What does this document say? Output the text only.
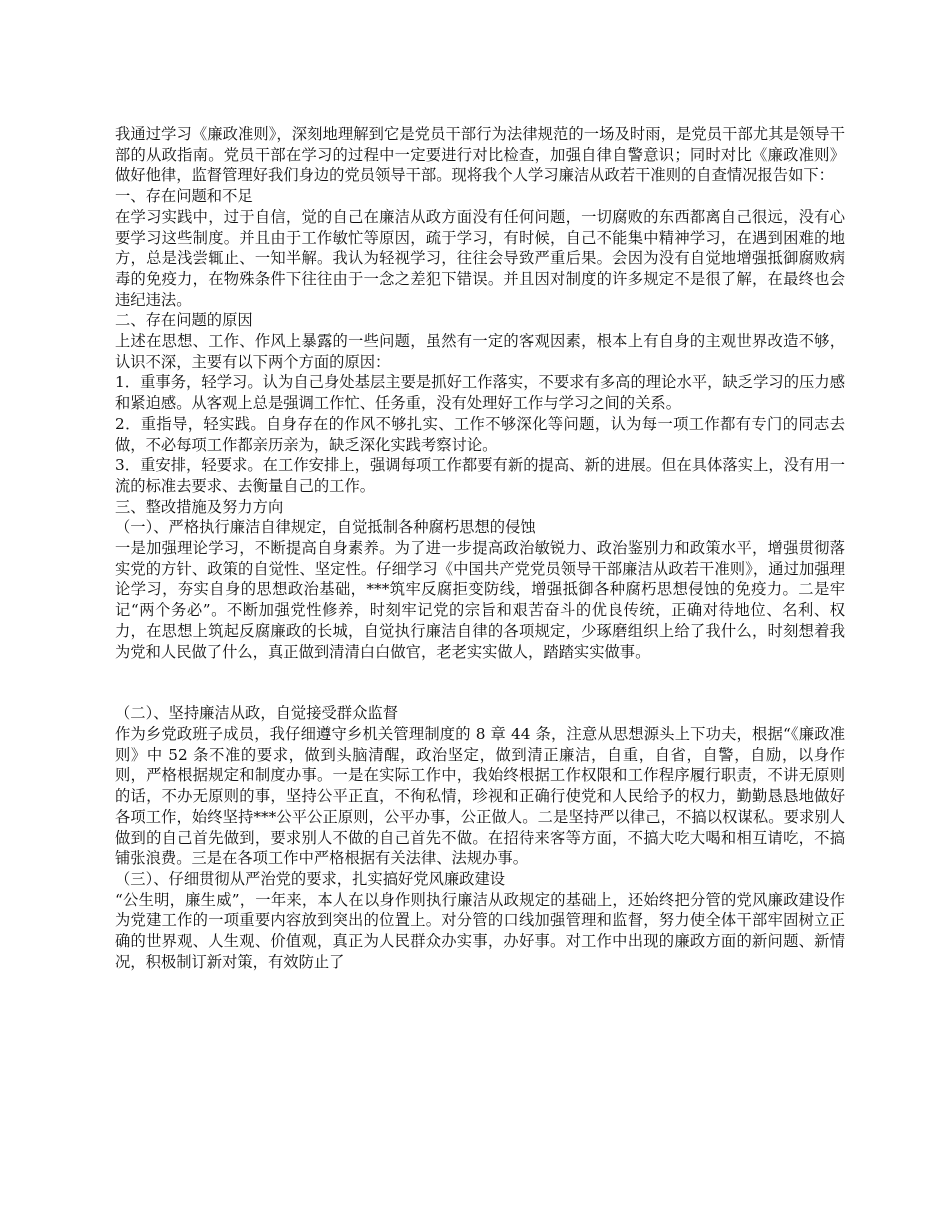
我通过学习《廉政准则》，深刻地理解到它是党员干部行为法律规范的一场及时雨，是党员干部尤其是领导干部的从政指南。党员干部在学习的过程中一定要进行对比检查，加强自律自警意识；同时对比《廉政准则》做好他律，监督管理好我们身边的党员领导干部。现将我个人学习廉洁从政若干准则的自查情况报告如下：

一、存在问题和不足

在学习实践中，过于自信，觉的自己在廉洁从政方面没有任何问题，一切腐败的东西都离自己很远，没有心要学习这些制度。并且由于工作敏忙等原因，疏于学习，有时候，自己不能集中精神学习，在遇到困难的地方，总是浅尝辄止、一知半解。我认为轻视学习，往往会导致严重后果。会因为没有自觉地增强抵御腐败病毒的免疫力，在物殊条件下往往由于一念之差犯下错误。并且因对制度的许多规定不是很了解，在最终也会违纪违法。

二、存在问题的原因

上述在思想、工作、作风上暴露的一些问题，虽然有一定的客观因素，根本上有自身的主观世界改造不够，认识不深，主要有以下两个方面的原因：

1．重事务，轻学习。认为自己身处基层主要是抓好工作落实，不要求有多高的理论水平，缺乏学习的压力感和紧迫感。从客观上总是强调工作忙、任务重，没有处理好工作与学习之间的关系。

2．重指导，轻实践。自身存在的作风不够扎实、工作不够深化等问题，认为每一项工作都有专门的同志去做，不必每项工作都亲历亲为，缺乏深化实践考察讨论。

3．重安排，轻要求。在工作安排上，强调每项工作都要有新的提高、新的进展。但在具体落实上，没有用一流的标准去要求、去衡量自己的工作。

三、整改措施及努力方向

（一）、严格执行廉洁自律规定，自觉抵制各种腐朽思想的侵蚀

一是加强理论学习，不断提高自身素养。为了进一步提高政治敏锐力、政治鉴别力和政策水平，增强贯彻落实党的方针、政策的自觉性、坚定性。仔细学习《中国共产党党员领导干部廉洁从政若干准则》，通过加强理论学习，夯实自身的思想政治基础，***筑牢反腐拒变防线，增强抵御各种腐朽思想侵蚀的免疫力。二是牢记“两个务必”。不断加强党性修养，时刻牢记党的宗旨和艰苦奋斗的优良传统，正确对待地位、名利、权力，在思想上筑起反腐廉政的长城，自觉执行廉洁自律的各项规定，少琢磨组织上给了我什么，时刻想着我为党和人民做了什么，真正做到清清白白做官，老老实实做人，踏踏实实做事。

（二）、坚持廉洁从政，自觉接受群众监督

作为乡党政班子成员，我仔细遵守乡机关管理制度的 8 章 44 条，注意从思想源头上下功夫，根据“《廉政准则》中 52 条不准的要求，做到头脑清醒，政治坚定，做到清正廉洁，自重，自省，自警，自励，以身作则，严格根据规定和制度办事。一是在实际工作中，我始终根据工作权限和工作程序履行职责，不讲无原则的话，不办无原则的事，坚持公平正直，不徇私情，珍视和正确行使党和人民给予的权力，勤勤恳恳地做好各项工作，始终坚持***公平公正原则，公平办事，公正做人。二是坚持严以律己，不搞以权谋私。要求别人做到的自己首先做到，要求别人不做的自己首先不做。在招待来客等方面，不搞大吃大喝和相互请吃，不搞铺张浪费。三是在各项工作中严格根据有关法律、法规办事。

（三）、仔细贯彻从严治党的要求，扎实搞好党风廉政建设

“公生明，廉生威”，一年来，本人在以身作则执行廉洁从政规定的基础上，还始终把分管的党风廉政建设作为党建工作的一项重要内容放到突出的位置上。对分管的口线加强管理和监督，努力使全体干部牢固树立正确的世界观、人生观、价值观，真正为人民群众办实事，办好事。对工作中出现的廉政方面的新问题、新情况，积极制订新对策，有效防止了
